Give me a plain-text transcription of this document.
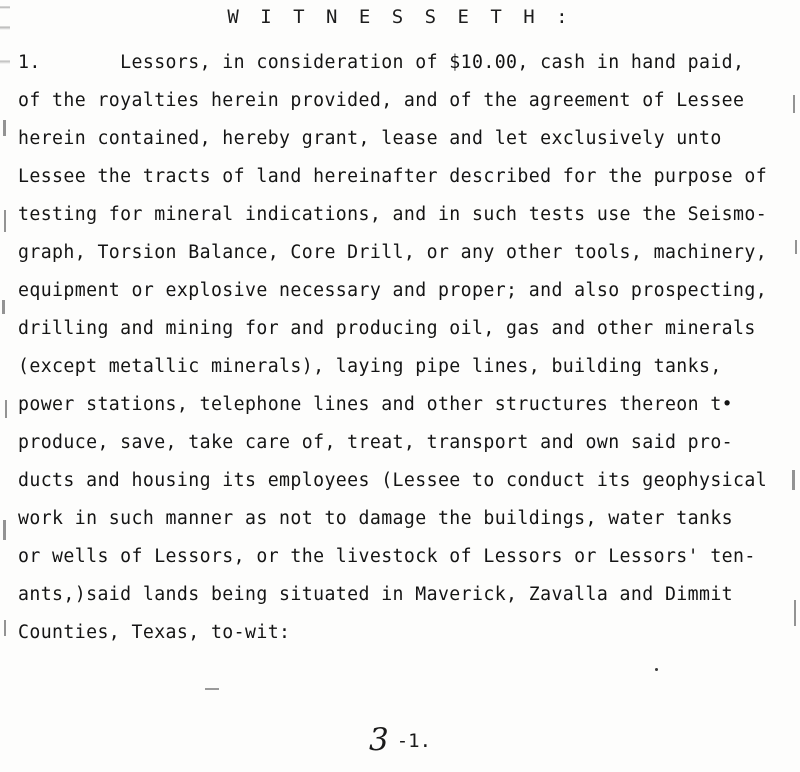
W I T N E S S E T H :
1.       Lessors, in consideration of $10.00, cash in hand paid,
of the royalties herein provided, and of the agreement of Lessee
herein contained, hereby grant, lease and let exclusively unto
Lessee the tracts of land hereinafter described for the purpose of
testing for mineral indications, and in such tests use the Seismo-
graph, Torsion Balance, Core Drill, or any other tools, machinery,
equipment or explosive necessary and proper; and also prospecting,
drilling and mining for and producing oil, gas and other minerals
(except metallic minerals), laying pipe lines, building tanks,
power stations, telephone lines and other structures thereon t•
produce, save, take care of, treat, transport and own said pro-
ducts and housing its employees (Lessee to conduct its geophysical
work in such manner as not to damage the buildings, water tanks
or wells of Lessors, or the livestock of Lessors or Lessors' ten-
ants,)said lands being situated in Maverick, Zavalla and Dimmit
Counties, Texas, to-wit:
3 -1.
